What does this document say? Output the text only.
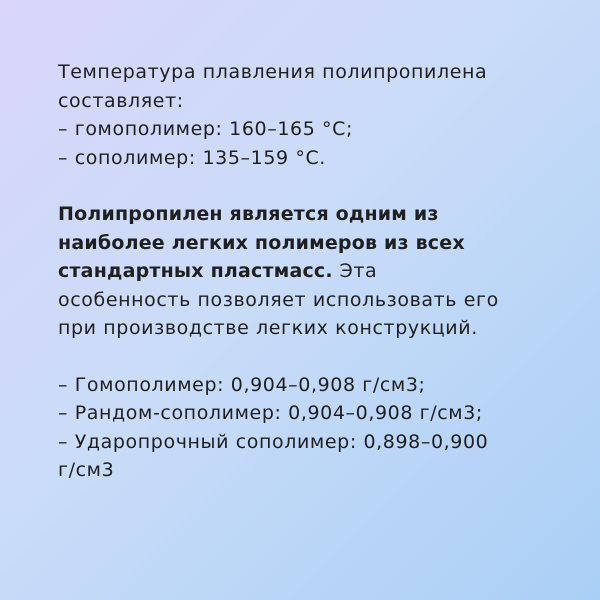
Температура плавления полипропилена
составляет:
– гомополимер: 160–165 °С;
– сополимер: 135–159 °С.

Полипропилен является одним из
наиболее легких полимеров из всех
стандартных пластмасс. Эта
особенность позволяет использовать его
при производстве легких конструкций.

– Гомополимер: 0,904–0,908 г/см3;
– Рандом-сополимер: 0,904–0,908 г/см3;
– Ударопрочный сополимер: 0,898–0,900
г/см3
